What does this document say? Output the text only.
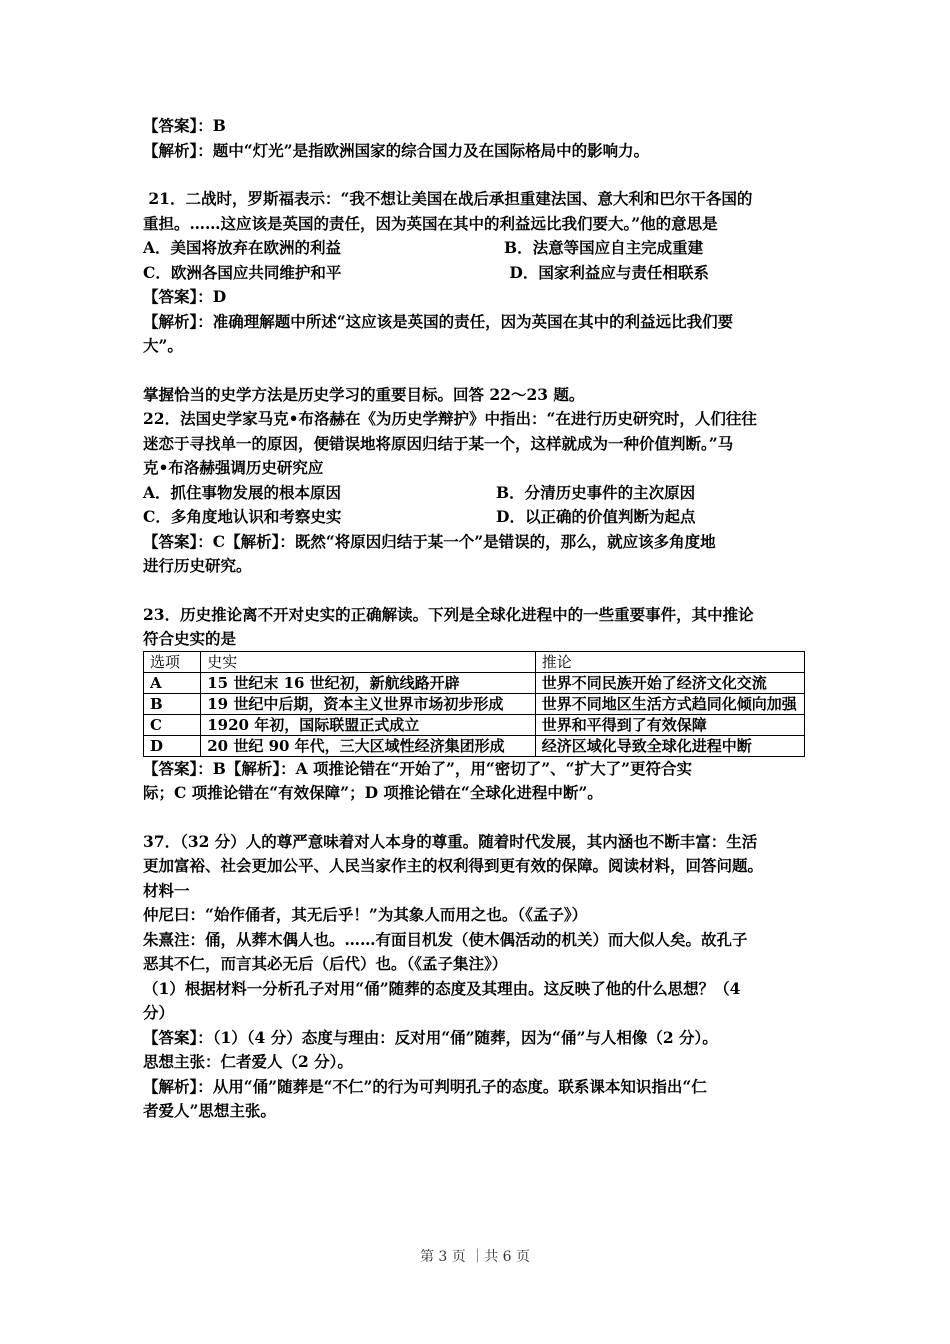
【答案】：B
【解析】：题中“灯光”是指欧洲国家的综合国力及在国际格局中的影响力。
21．二战时，罗斯福表示：“我不想让美国在战后承担重建法国、意大利和巴尔干各国的
重担。……这应该是英国的责任，因为英国在其中的利益远比我们要大。”他的意思是
A．美国将放弃在欧洲的利益	B．法意等国应自主完成重建
C．欧洲各国应共同维护和平	D．国家利益应与责任相联系
【答案】：D
【解析】：准确理解题中所述“这应该是英国的责任，因为英国在其中的利益远比我们要
大”。
掌握恰当的史学方法是历史学习的重要目标。回答 22～23 题。
22．法国史学家马克•布洛赫在《为历史学辩护》中指出：“在进行历史研究时，人们往往
迷恋于寻找单一的原因，便错误地将原因归结于某一个，这样就成为一种价值判断。”马
克•布洛赫强调历史研究应
A．抓住事物发展的根本原因	B．分清历史事件的主次原因
C．多角度地认识和考察史实	D．以正确的价值判断为起点
【答案】：C【解析】：既然“将原因归结于某一个”是错误的，那么，就应该多角度地
进行历史研究。
23．历史推论离不开对史实的正确解读。下列是全球化进程中的一些重要事件，其中推论
符合史实的是
选项	史实	推论
A	15 世纪末 16 世纪初，新航线路开辟	世界不同民族开始了经济文化交流
B	19 世纪中后期，资本主义世界市场初步形成	世界不同地区生活方式趋同化倾向加强
C	1920 年初，国际联盟正式成立	世界和平得到了有效保障
D	20 世纪 90 年代，三大区域性经济集团形成	经济区域化导致全球化进程中断
【答案】：B【解析】：A 项推论错在“开始了”，用“密切了”、“扩大了”更符合实
际；C 项推论错在“有效保障”；D 项推论错在“全球化进程中断”。
37．（32 分）人的尊严意味着对人本身的尊重。随着时代发展，其内涵也不断丰富：生活
更加富裕、社会更加公平、人民当家作主的权利得到更有效的保障。阅读材料，回答问题。
材料一
仲尼曰：“始作俑者，其无后乎！”为其象人而用之也。（《孟子》）
朱熹注：俑，从葬木偶人也。……有面目机发（使木偶活动的机关）而大似人矣。故孔子
恶其不仁，而言其必无后（后代）也。（《孟子集注》）
（1）根据材料一分析孔子对用“俑”随葬的态度及其理由。这反映了他的什么思想？（4
分）
【答案】：（1）（4 分）态度与理由：反对用“俑”随葬，因为“俑”与人相像（2 分）。
思想主张：仁者爱人（2 分）。
【解析】：从用“俑”随葬是“不仁”的行为可判明孔子的态度。联系课本知识指出“仁
者爱人”思想主张。
第 3 页 ｜共 6 页
